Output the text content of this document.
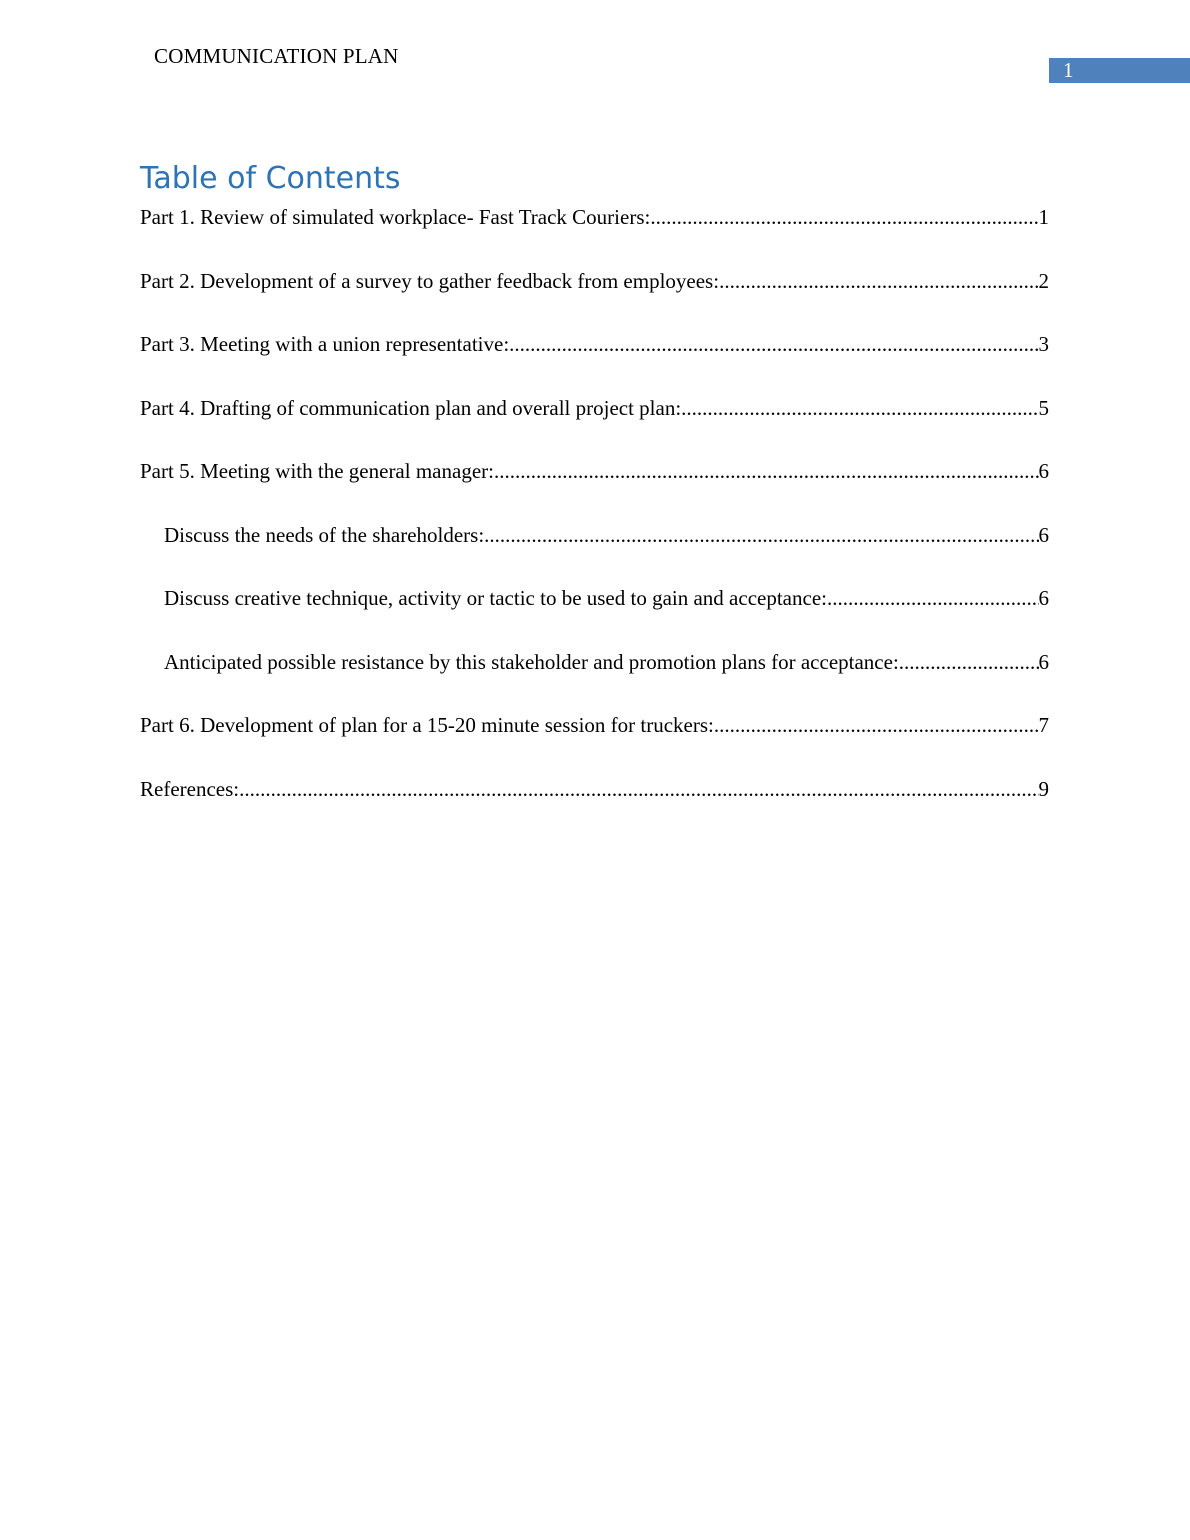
COMMUNICATION PLAN
1
Table of Contents
Part 1. Review of simulated workplace- Fast Track Couriers: .....	1
Part 2. Development of a survey to gather feedback from employees: .....	2
Part 3. Meeting with a union representative: .....	3
Part 4. Drafting of communication plan and overall project plan: .....	5
Part 5. Meeting with the general manager: .....	6
Discuss the needs of the shareholders: .....	6
Discuss creative technique, activity or tactic to be used to gain and acceptance: .....	6
Anticipated possible resistance by this stakeholder and promotion plans for acceptance: .....	6
Part 6. Development of plan for a 15-20 minute session for truckers: .....	7
References: .....	9
